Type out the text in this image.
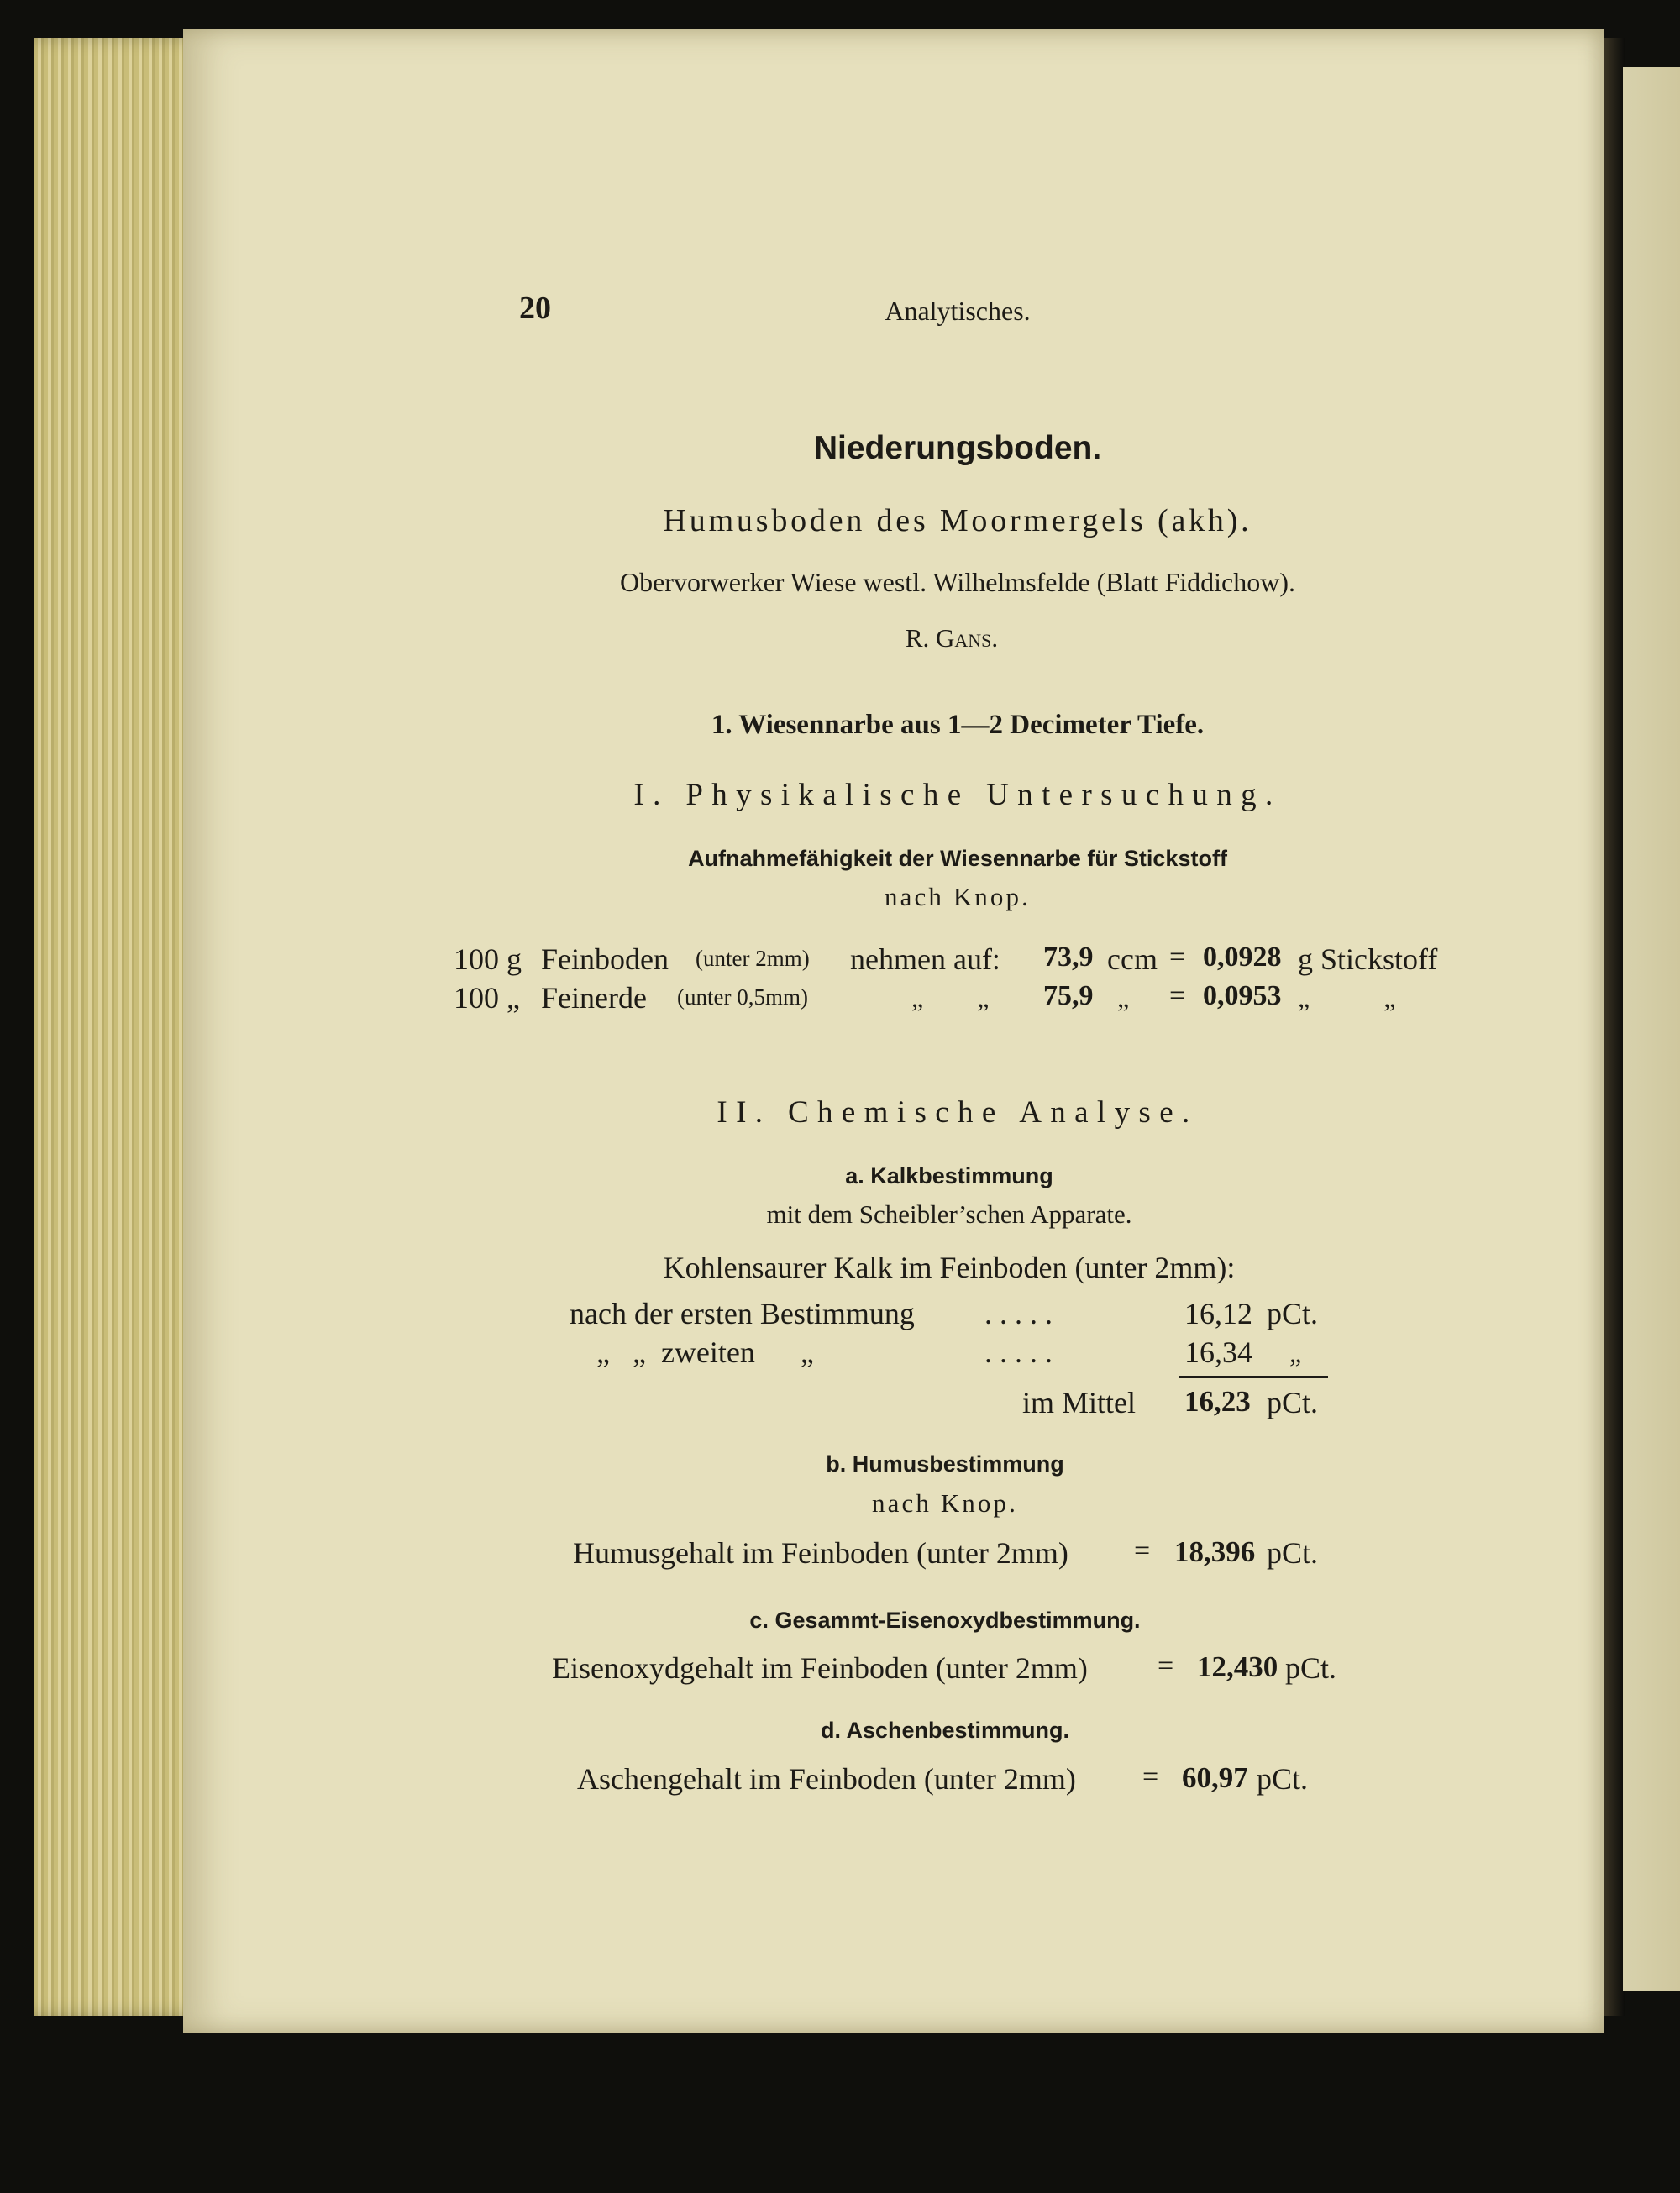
20	Analytisches.
Niederungsboden.
Humusboden des Moormergels (akh).
Obervorwerker Wiese westl. Wilhelmsfelde (Blatt Fiddichow).
R. Gans.
1. Wiesennarbe aus 1—2 Decimeter Tiefe.
I. Physikalische Untersuchung.
Aufnahmefähigkeit der Wiesennarbe für Stickstoff
nach Knop.
100 g Feinboden (unter 2mm) nehmen auf: 73,9 ccm = 0,0928 g Stickstoff
100 „ Feinerde (unter 0,5mm)	„        „ 75,9 „ = 0,0953 „           „
II. Chemische Analyse.
a. Kalkbestimmung
mit dem Scheibler’schen Apparate.
Kohlensaurer Kalk im Feinboden (unter 2mm):
nach der ersten Bestimmung . . . . .	16,12 pCt.
„   „  zweiten      „	. . . . .	16,34 „
im Mittel 16,23 pCt.
b. Humusbestimmung
nach Knop.
Humusgehalt im Feinboden (unter 2mm) = 18,396 pCt.
c. Gesammt-Eisenoxydbestimmung.
Eisenoxydgehalt im Feinboden (unter 2mm) = 12,430 pCt.
d. Aschenbestimmung.
Aschengehalt im Feinboden (unter 2mm) = 60,97 pCt.
